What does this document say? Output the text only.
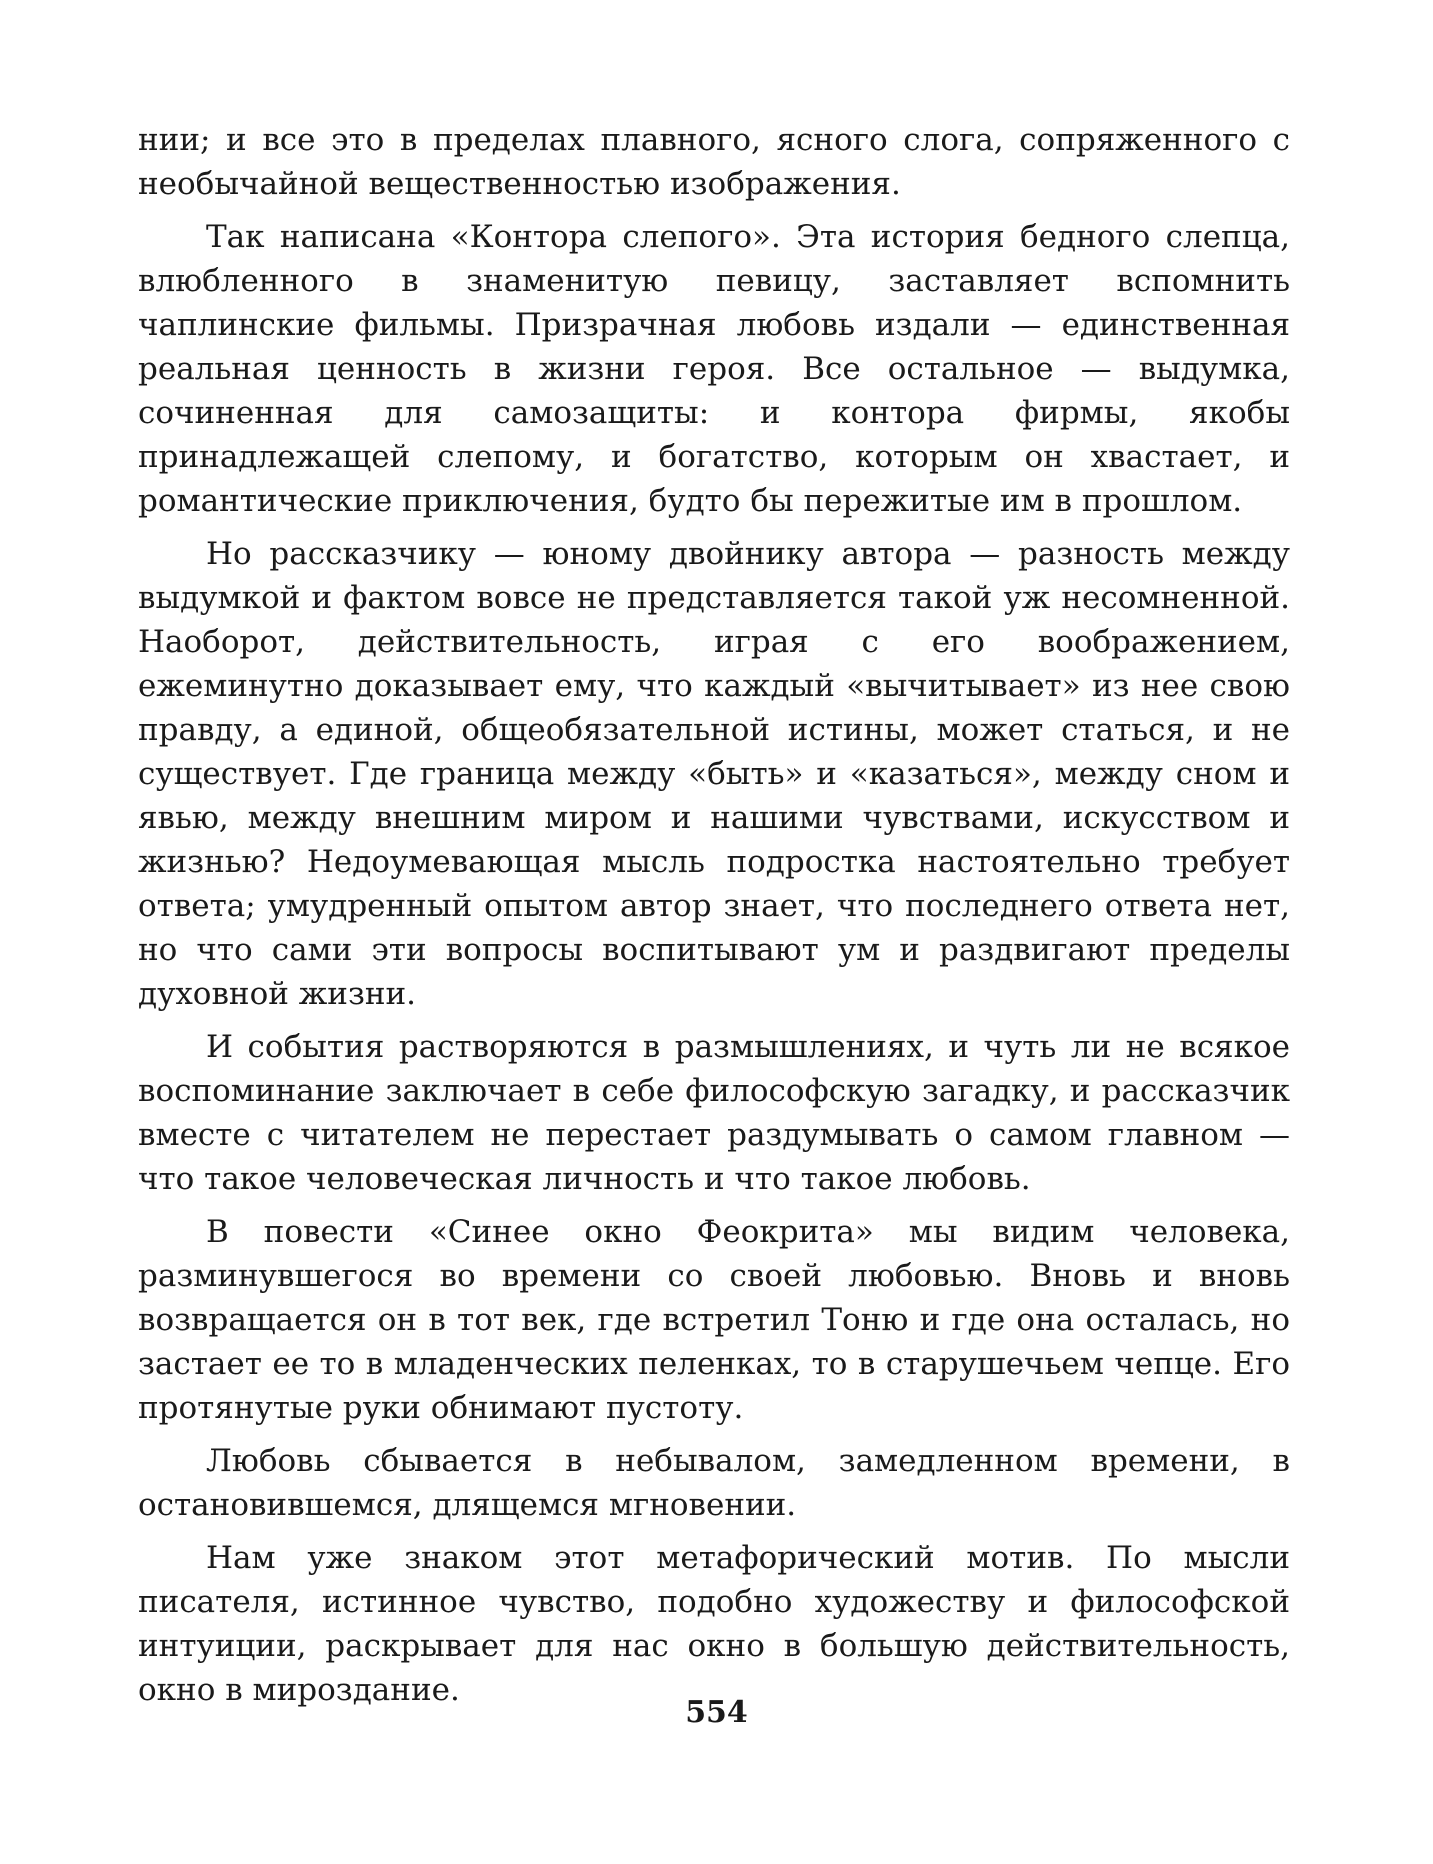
нии; и все это в пределах плавного, ясного слога, сопряженного с необычайной вещественностью изображения.

Так написана «Контора слепого». Эта история бедного слепца, влюбленного в знаменитую певицу, заставляет вспомнить чаплинские фильмы. Призрачная любовь издали — единственная реальная ценность в жизни героя. Все остальное — выдумка, сочиненная для самозащиты: и контора фирмы, якобы принадлежащей слепому, и богатство, которым он хвастает, и романтические приключения, будто бы пережитые им в прошлом.

Но рассказчику — юному двойнику автора — разность между выдумкой и фактом вовсе не представляется такой уж несомненной. Наоборот, действительность, играя с его воображением, ежеминутно доказывает ему, что каждый «вычитывает» из нее свою правду, а единой, общеобязательной истины, может статься, и не существует. Где граница между «быть» и «казаться», между сном и явью, между внешним миром и нашими чувствами, искусством и жизнью? Недоумевающая мысль подростка настоятельно требует ответа; умудренный опытом автор знает, что последнего ответа нет, но что сами эти вопросы воспитывают ум и раздвигают пределы духовной жизни.

И события растворяются в размышлениях, и чуть ли не всякое воспоминание заключает в себе философскую загадку, и рассказчик вместе с читателем не перестает раздумывать о самом главном — что такое человеческая личность и что такое любовь.

В повести «Синее окно Феокрита» мы видим человека, разминувшегося во времени со своей любовью. Вновь и вновь возвращается он в тот век, где встретил Тоню и где она осталась, но застает ее то в младенческих пеленках, то в старушечьем чепце. Его протянутые руки обнимают пустоту.

Любовь сбывается в небывалом, замедленном времени, в остановившемся, длящемся мгновении.

Нам уже знаком этот метафорический мотив. По мысли писателя, истинное чувство, подобно художеству и философской интуиции, раскрывает для нас окно в большую действительность, окно в мироздание.

554
